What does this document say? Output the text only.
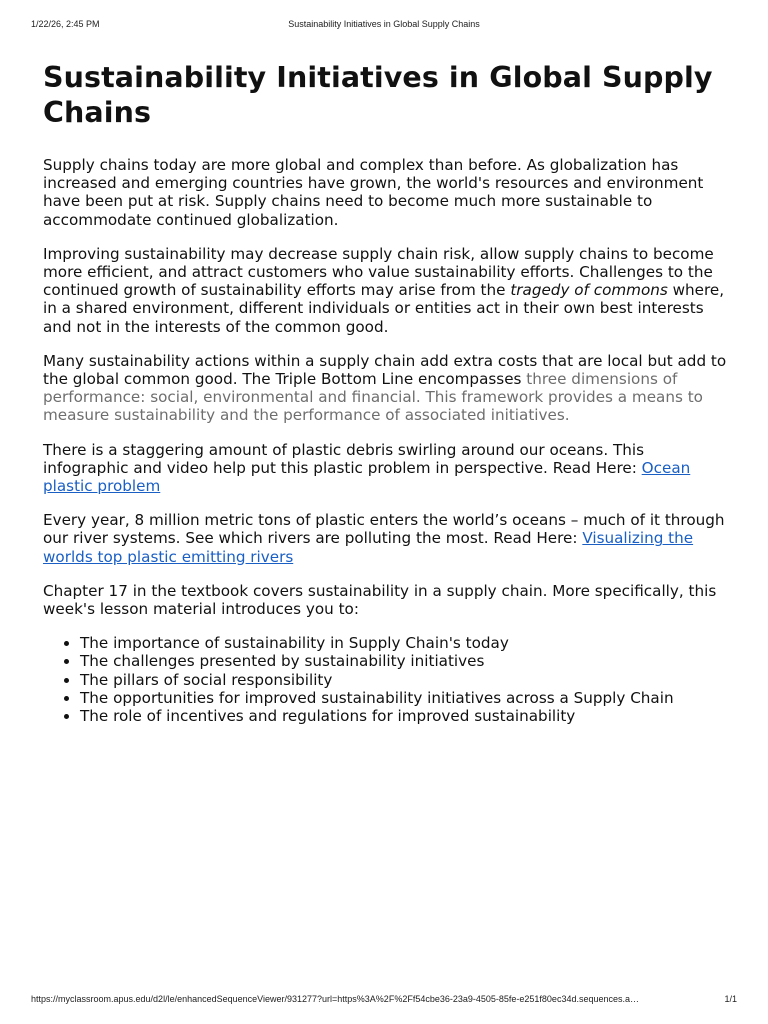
1/22/26, 2:45 PM	Sustainability Initiatives in Global Supply Chains
Sustainability Initiatives in Global Supply Chains

Supply chains today are more global and complex than before. As globalization has increased and emerging countries have grown, the world's resources and environment have been put at risk. Supply chains need to become much more sustainable to accommodate continued globalization.

Improving sustainability may decrease supply chain risk, allow supply chains to become more efficient, and attract customers who value sustainability efforts. Challenges to the continued growth of sustainability efforts may arise from the tragedy of commons where, in a shared environment, different individuals or entities act in their own best interests and not in the interests of the common good.

Many sustainability actions within a supply chain add extra costs that are local but add to the global common good. The Triple Bottom Line encompasses three dimensions of performance: social, environmental and financial. This framework provides a means to measure sustainability and the performance of associated initiatives.

There is a staggering amount of plastic debris swirling around our oceans. This infographic and video help put this plastic problem in perspective. Read Here: Ocean plastic problem

Every year, 8 million metric tons of plastic enters the world’s oceans – much of it through our river systems. See which rivers are polluting the most. Read Here: Visualizing the worlds top plastic emitting rivers

Chapter 17 in the textbook covers sustainability in a supply chain. More specifically, this week's lesson material introduces you to:

• The importance of sustainability in Supply Chain's today
• The challenges presented by sustainability initiatives
• The pillars of social responsibility
• The opportunities for improved sustainability initiatives across a Supply Chain
• The role of incentives and regulations for improved sustainability
https://myclassroom.apus.edu/d2l/le/enhancedSequenceViewer/931277?url=https%3A%2F%2Ff54cbe36-23a9-4505-85fe-e251f80ec34d.sequences.a…	1/1
